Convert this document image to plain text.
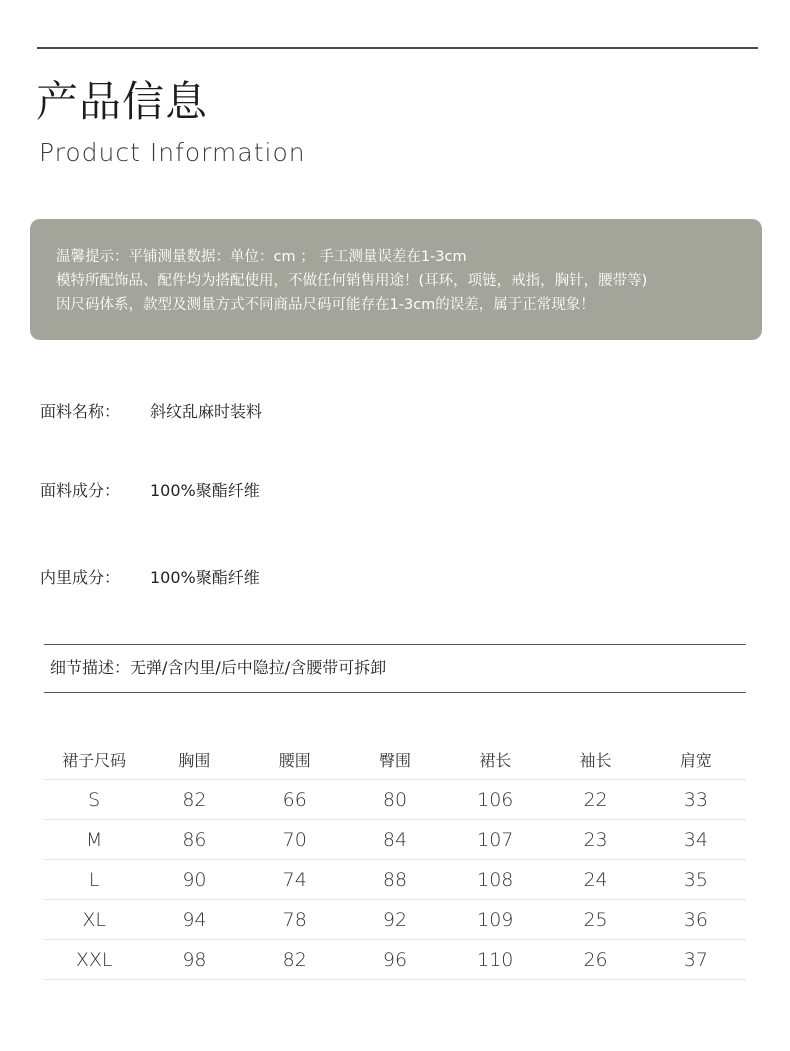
产品信息
Product Information
温馨提示：平铺测量数据：单位：cm ； 手工测量误差在1-3cm
模特所配饰品、配件均为搭配使用，不做任何销售用途！(耳环，项链，戒指，胸针，腰带等)
因尺码体系，款型及测量方式不同商品尺码可能存在1-3cm的误差，属于正常现象！
面料名称： 斜纹乱麻时装料
面料成分： 100%聚酯纤维
内里成分： 100%聚酯纤维
细节描述：无弹/含内里/后中隐拉/含腰带可拆卸
裙子尺码	胸围	腰围	臀围	裙长	袖长	肩宽
S	82	66	80	106	22	33
M	86	70	84	107	23	34
L	90	74	88	108	24	35
XL	94	78	92	109	25	36
XXL	98	82	96	110	26	37
